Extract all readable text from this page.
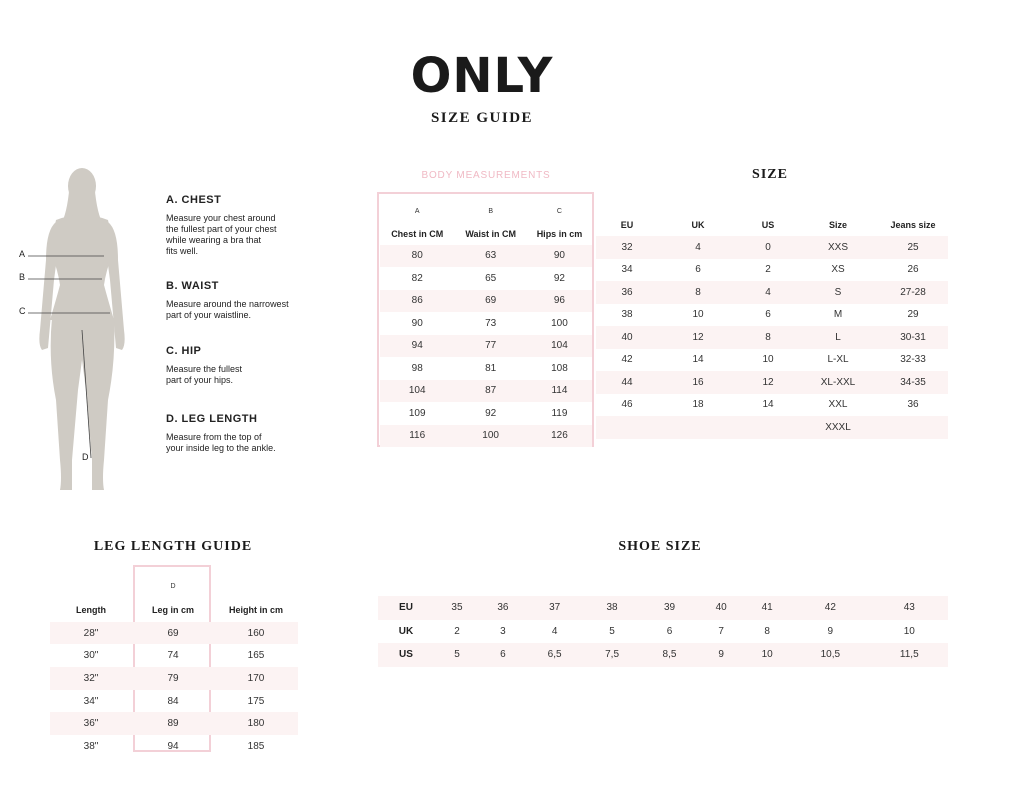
ONLY
SIZE GUIDE
A
B
C
D
A. CHEST
Measure your chest around
the fullest part of your chest
while wearing a bra that
fits well.
B. WAIST
Measure around the narrowest
part of your waistline.
C. HIP
Measure the fullest
part of your hips.
D. LEG LENGTH
Measure from the top of
your inside leg to the ankle.
BODY MEASUREMENTS
A	B	C
Chest in CM	Waist in CM	Hips in cm
80	63	90
82	65	92
86	69	96
90	73	100
94	77	104
98	81	108
104	87	114
109	92	119
116	100	126
SIZE
EU	UK	US	Size	Jeans size
32	4	0	XXS	25
34	6	2	XS	26
36	8	4	S	27-28
38	10	6	M	29
40	12	8	L	30-31
42	14	10	L-XL	32-33
44	16	12	XL-XXL	34-35
46	18	14	XXL	36
			XXXL	
LEG LENGTH GUIDE
	D	
Length	Leg in cm	Height in cm
28"	69	160
30"	74	165
32"	79	170
34"	84	175
36"	89	180
38"	94	185
SHOE SIZE
EU	35	36	37	38	39	40	41	42	43
UK	2	3	4	5	6	7	8	9	10
US	5	6	6,5	7,5	8,5	9	10	10,5	11,5
